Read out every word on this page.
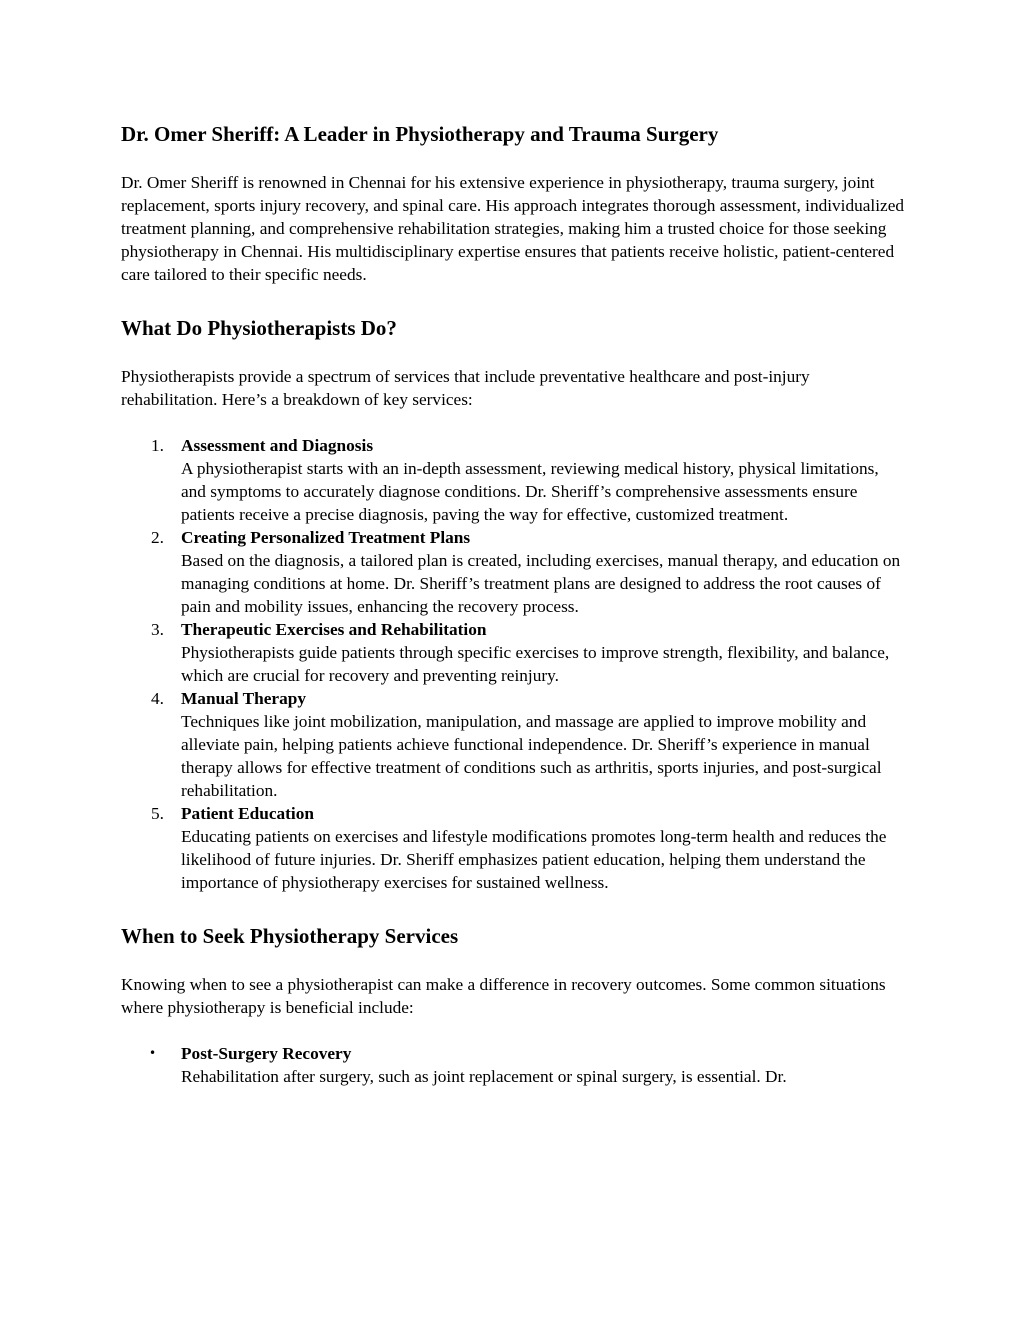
Dr. Omer Sheriff: A Leader in Physiotherapy and Trauma Surgery

Dr. Omer Sheriff is renowned in Chennai for his extensive experience in physiotherapy, trauma surgery, joint replacement, sports injury recovery, and spinal care. His approach integrates thorough assessment, individualized treatment planning, and comprehensive rehabilitation strategies, making him a trusted choice for those seeking physiotherapy in Chennai. His multidisciplinary expertise ensures that patients receive holistic, patient-centered care tailored to their specific needs.

What Do Physiotherapists Do?

Physiotherapists provide a spectrum of services that include preventative healthcare and post-injury rehabilitation. Here’s a breakdown of key services:

1. Assessment and Diagnosis
A physiotherapist starts with an in-depth assessment, reviewing medical history, physical limitations, and symptoms to accurately diagnose conditions. Dr. Sheriff’s comprehensive assessments ensure patients receive a precise diagnosis, paving the way for effective, customized treatment.
2. Creating Personalized Treatment Plans
Based on the diagnosis, a tailored plan is created, including exercises, manual therapy, and education on managing conditions at home. Dr. Sheriff’s treatment plans are designed to address the root causes of pain and mobility issues, enhancing the recovery process.
3. Therapeutic Exercises and Rehabilitation
Physiotherapists guide patients through specific exercises to improve strength, flexibility, and balance, which are crucial for recovery and preventing reinjury.
4. Manual Therapy
Techniques like joint mobilization, manipulation, and massage are applied to improve mobility and alleviate pain, helping patients achieve functional independence. Dr. Sheriff’s experience in manual therapy allows for effective treatment of conditions such as arthritis, sports injuries, and post-surgical rehabilitation.
5. Patient Education
Educating patients on exercises and lifestyle modifications promotes long-term health and reduces the likelihood of future injuries. Dr. Sheriff emphasizes patient education, helping them understand the importance of physiotherapy exercises for sustained wellness.
When to Seek Physiotherapy Services

Knowing when to see a physiotherapist can make a difference in recovery outcomes. Some common situations where physiotherapy is beneficial include:

•	Post-Surgery Recovery
Rehabilitation after surgery, such as joint replacement or spinal surgery, is essential. Dr.
